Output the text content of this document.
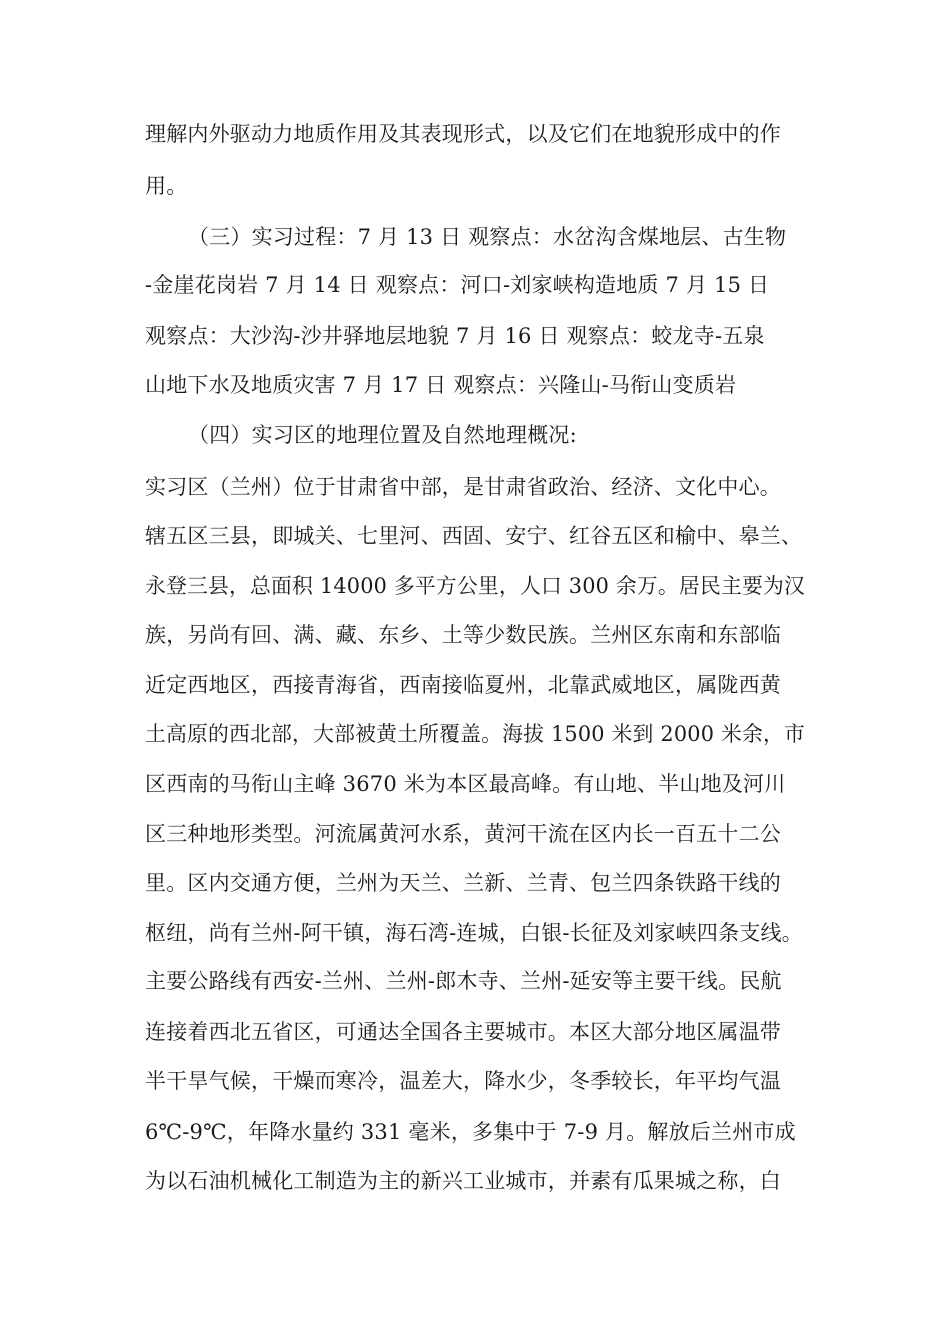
理解内外驱动力地质作用及其表现形式，以及它们在地貌形成中的作
用。
（三）实习过程：7 月 13 日 观察点：水岔沟含煤地层、古生物
-金崖花岗岩 7 月 14 日 观察点：河口-刘家峡构造地质 7 月 15 日
观察点：大沙沟-沙井驿地层地貌 7 月 16 日 观察点：蛟龙寺-五泉
山地下水及地质灾害 7 月 17 日 观察点：兴隆山-马衔山变质岩
（四）实习区的地理位置及自然地理概况:
实习区（兰州）位于甘肃省中部，是甘肃省政治、经济、文化中心。
辖五区三县，即城关、七里河、西固、安宁、红谷五区和榆中、皋兰、
永登三县，总面积 14000 多平方公里，人口 300 余万。居民主要为汉
族，另尚有回、满、藏、东乡、土等少数民族。兰州区东南和东部临
近定西地区，西接青海省，西南接临夏州，北靠武威地区，属陇西黄
土高原的西北部，大部被黄土所覆盖。海拔 1500 米到 2000 米余，市
区西南的马衔山主峰 3670 米为本区最高峰。有山地、半山地及河川
区三种地形类型。河流属黄河水系，黄河干流在区内长一百五十二公
里。区内交通方便，兰州为天兰、兰新、兰青、包兰四条铁路干线的
枢纽，尚有兰州-阿干镇，海石湾-连城，白银-长征及刘家峡四条支线。
主要公路线有西安-兰州、兰州-郎木寺、兰州-延安等主要干线。民航
连接着西北五省区，可通达全国各主要城市。本区大部分地区属温带
半干旱气候，干燥而寒冷，温差大，降水少，冬季较长，年平均气温
6℃-9℃，年降水量约 331 毫米，多集中于 7-9 月。解放后兰州市成
为以石油机械化工制造为主的新兴工业城市，并素有瓜果城之称，白
